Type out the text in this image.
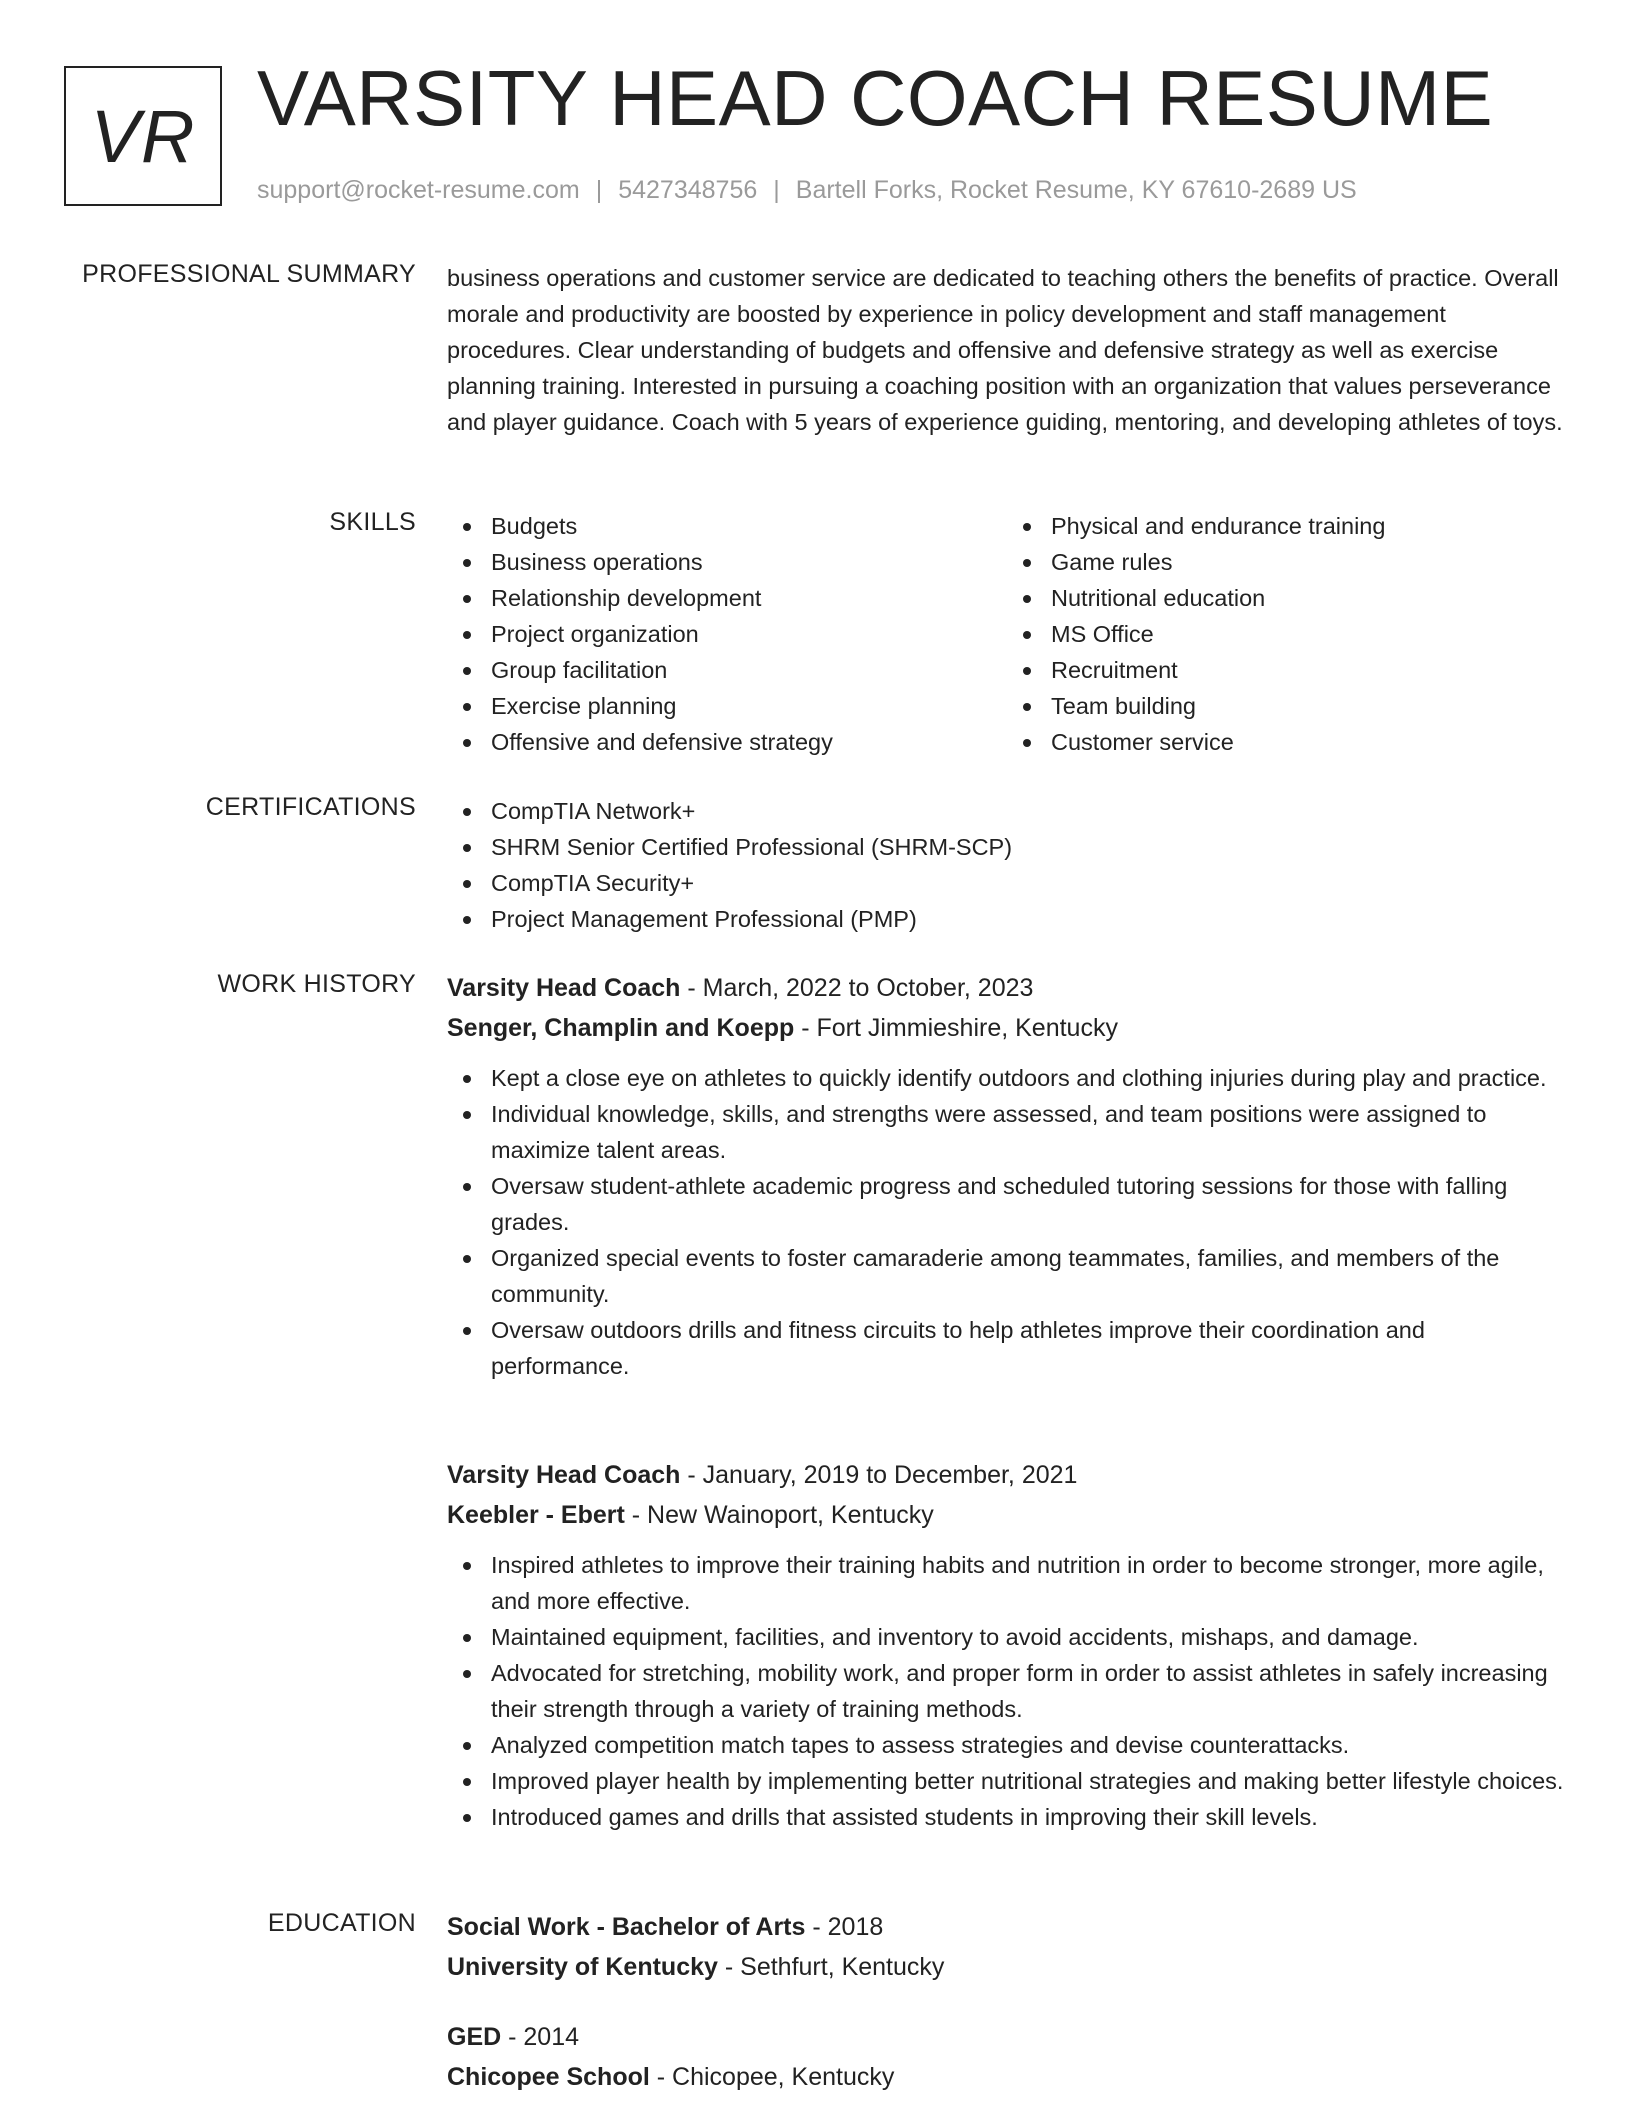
VR VARSITY HEAD COACH RESUME
support@rocket-resume.com | 5427348756 | Bartell Forks, Rocket Resume, KY 67610-2689 US
PROFESSIONAL SUMMARY business operations and customer service are dedicated to teaching others the benefits of practice. Overall morale and productivity are boosted by experience in policy development and staff management procedures. Clear understanding of budgets and offensive and defensive strategy as well as exercise planning training. Interested in pursuing a coaching position with an organization that values perseverance and player guidance. Coach with 5 years of experience guiding, mentoring, and developing athletes of toys.
SKILLS	Budgets
Business operations
Relationship development
Project organization
Group facilitation
Exercise planning
Offensive and defensive strategy
Physical and endurance training
Game rules
Nutritional education
MS Office
Recruitment
Team building
Customer service
CERTIFICATIONS	CompTIA Network+
SHRM Senior Certified Professional (SHRM-SCP)
CompTIA Security+
Project Management Professional (PMP)
WORK HISTORY Varsity Head Coach - March, 2022 to October, 2023
Senger, Champlin and Koepp - Fort Jimmieshire, Kentucky
Kept a close eye on athletes to quickly identify outdoors and clothing injuries during play and practice.
Individual knowledge, skills, and strengths were assessed, and team positions were assigned to maximize talent areas.
Oversaw student-athlete academic progress and scheduled tutoring sessions for those with falling grades.
Organized special events to foster camaraderie among teammates, families, and members of the community.
Oversaw outdoors drills and fitness circuits to help athletes improve their coordination and performance.
Varsity Head Coach - January, 2019 to December, 2021
Keebler - Ebert - New Wainoport, Kentucky
Inspired athletes to improve their training habits and nutrition in order to become stronger, more agile, and more effective.
Maintained equipment, facilities, and inventory to avoid accidents, mishaps, and damage.
Advocated for stretching, mobility work, and proper form in order to assist athletes in safely increasing their strength through a variety of training methods.
Analyzed competition match tapes to assess strategies and devise counterattacks.
Improved player health by implementing better nutritional strategies and making better lifestyle choices.
Introduced games and drills that assisted students in improving their skill levels.
EDUCATION Social Work - Bachelor of Arts - 2018
University of Kentucky - Sethfurt, Kentucky
GED - 2014
Chicopee School - Chicopee, Kentucky
